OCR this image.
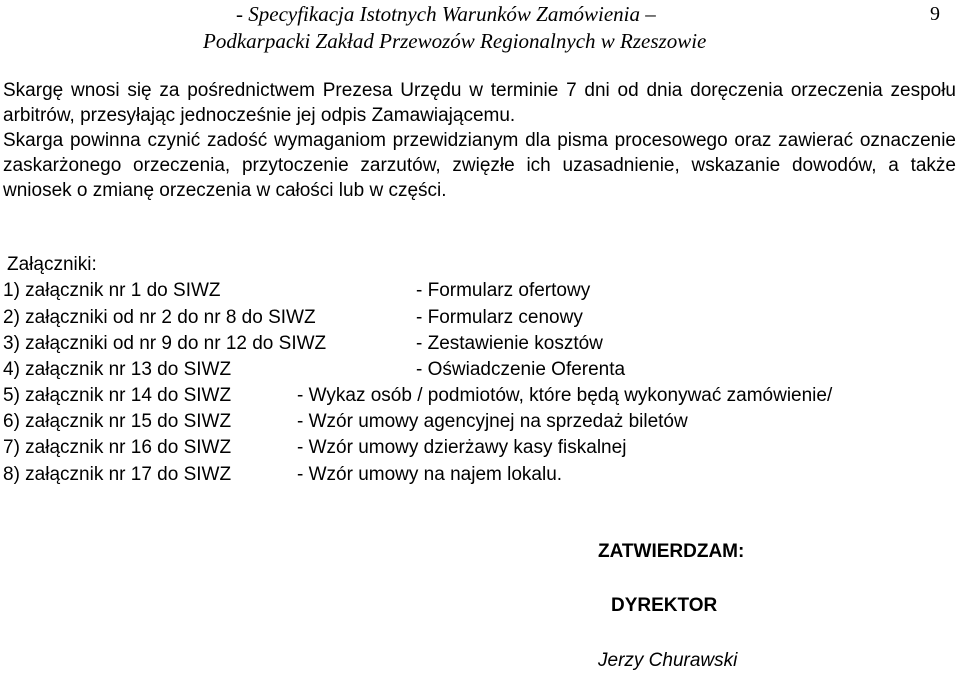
- Specyfikacja Istotnych Warunków Zamówienia –
Podkarpacki Zakład Przewozów Regionalnych w Rzeszowie
9

Skargę wnosi się za pośrednictwem Prezesa Urzędu w terminie 7 dni od dnia doręczenia orzeczenia zespołu arbitrów, przesyłając jednocześnie jej odpis Zamawiającemu.

Skarga powinna czynić zadość wymaganiom przewidzianym dla pisma procesowego oraz zawierać oznaczenie zaskarżonego orzeczenia, przytoczenie zarzutów, zwięzłe ich uzasadnienie, wskazanie dowodów, a także wniosek o zmianę orzeczenia w całości lub w części.

Załączniki:
1) załącznik nr 1 do SIWZ	- Formularz ofertowy
2) załączniki od nr 2 do nr 8 do SIWZ	- Formularz cenowy
3) załączniki od nr 9 do nr 12 do SIWZ	- Zestawienie kosztów
4) załącznik nr 13 do SIWZ	- Oświadczenie Oferenta
5) załącznik nr 14 do SIWZ	- Wykaz osób / podmiotów, które będą wykonywać zamówienie/
6) załącznik nr 15 do SIWZ	- Wzór umowy agencyjnej na sprzedaż biletów
7) załącznik nr 16 do SIWZ	- Wzór umowy dzierżawy kasy fiskalnej
8) załącznik nr 17 do SIWZ	- Wzór umowy na najem lokalu.
ZATWIERDZAM:
DYREKTOR
Jerzy Churawski
